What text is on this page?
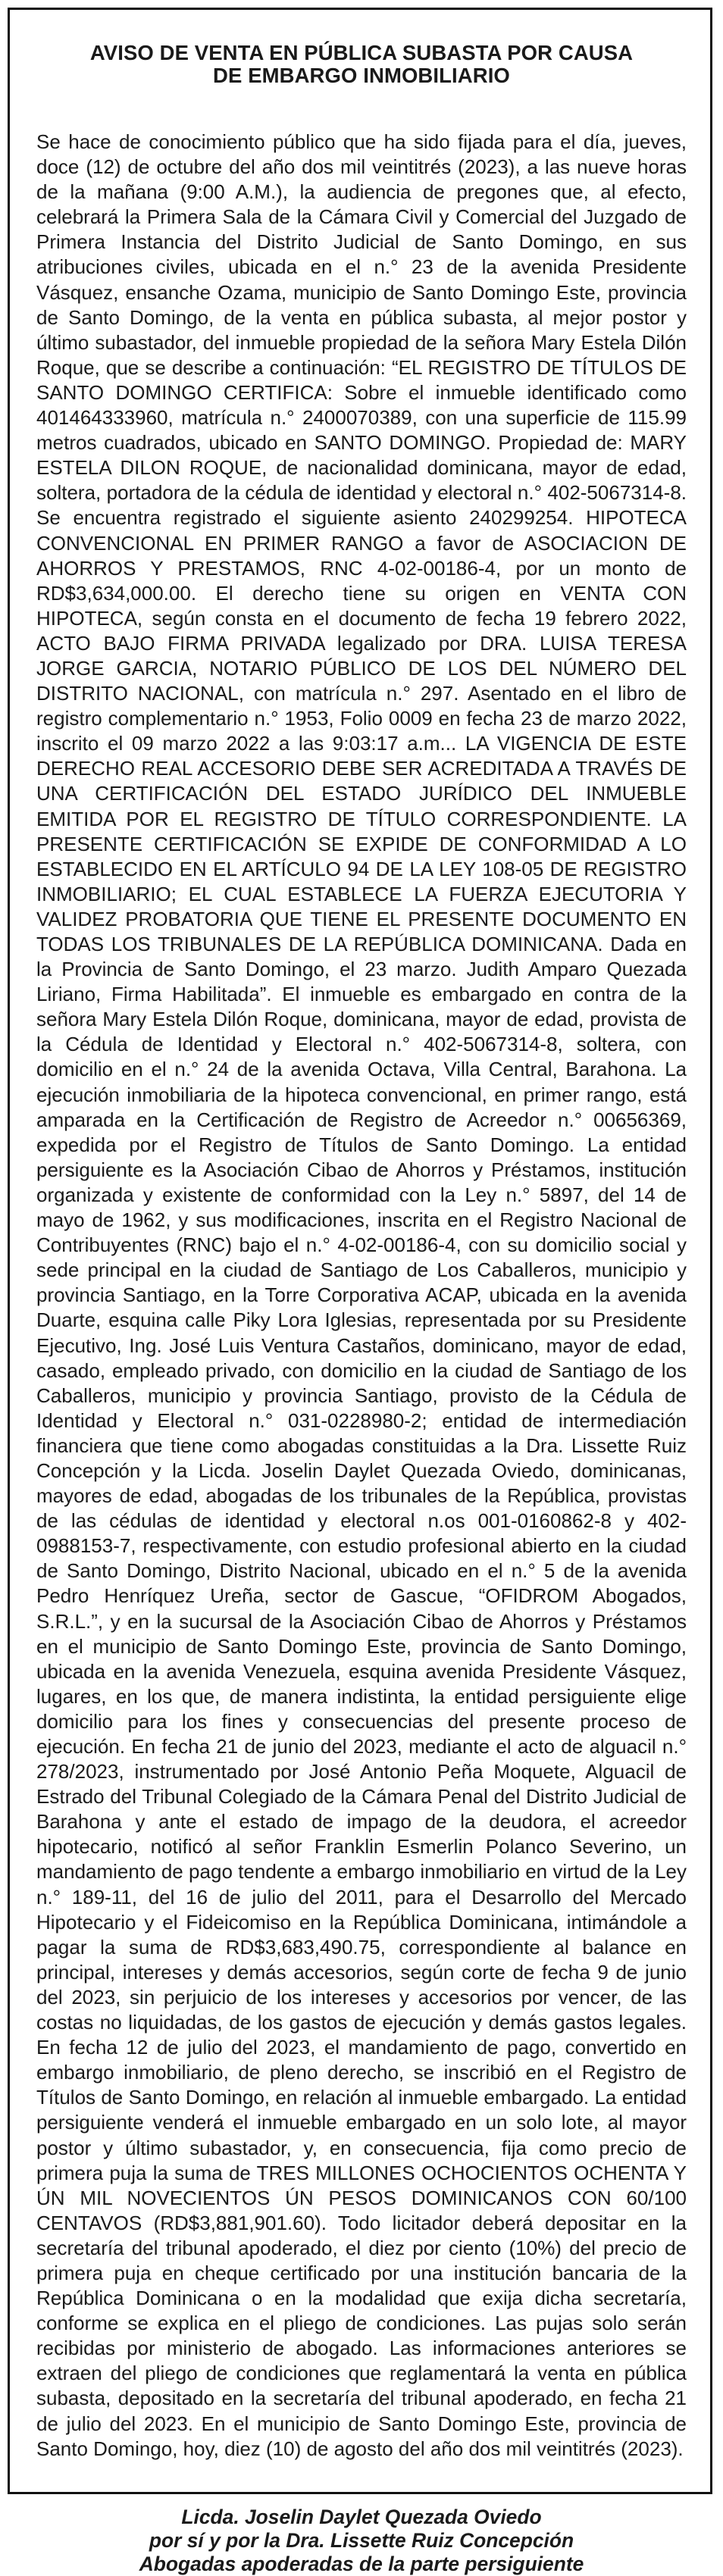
AVISO DE VENTA EN PÚBLICA SUBASTA POR CAUSA
DE EMBARGO INMOBILIARIO

Se hace de conocimiento público que ha sido fijada para el día, jueves, doce (12) de octubre del año dos mil veintitrés (2023), a las nueve horas de la mañana (9:00 A.M.), la audiencia de pregones que, al efecto, celebrará la Primera Sala de la Cámara Civil y Comercial del Juzgado de Primera Instancia del Distrito Judicial de Santo Domingo, en sus atribuciones civiles, ubicada en el n.° 23 de la avenida Presidente Vásquez, ensanche Ozama, municipio de Santo Domingo Este, provincia de Santo Domingo, de la venta en pública subasta, al mejor postor y último subastador, del inmueble propiedad de la señora Mary Estela Dilón Roque, que se describe a continuación: “EL REGISTRO DE TÍTULOS DE SANTO DOMINGO CERTIFICA: Sobre el inmueble identificado como 401464333960, matrícula n.° 2400070389, con una superficie de 115.99 metros cuadrados, ubicado en SANTO DOMINGO. Propiedad de: MARY ESTELA DILON ROQUE, de nacionalidad dominicana, mayor de edad, soltera, portadora de la cédula de identidad y electoral n.° 402-5067314-8. Se encuentra registrado el siguiente asiento 240299254. HIPOTECA CONVENCIONAL EN PRIMER RANGO a favor de ASOCIACION DE AHORROS Y PRESTAMOS, RNC 4-02-00186-4, por un monto de RD$3,634,000.00. El derecho tiene su origen en VENTA CON HIPOTECA, según consta en el documento de fecha 19 febrero 2022, ACTO BAJO FIRMA PRIVADA legalizado por DRA. LUISA TERESA JORGE GARCIA, NOTARIO PÚBLICO DE LOS DEL NÚMERO DEL DISTRITO NACIONAL, con matrícula n.° 297. Asentado en el libro de registro complementario n.° 1953, Folio 0009 en fecha 23 de marzo 2022, inscrito el 09 marzo 2022 a las 9:03:17 a.m... LA VIGENCIA DE ESTE DERECHO REAL ACCESORIO DEBE SER ACREDITADA A TRAVÉS DE UNA CERTIFICACIÓN DEL ESTADO JURÍDICO DEL INMUEBLE EMITIDA POR EL REGISTRO DE TÍTULO CORRESPONDIENTE. LA PRESENTE CERTIFICACIÓN SE EXPIDE DE CONFORMIDAD A LO ESTABLECIDO EN EL ARTÍCULO 94 DE LA LEY 108-05 DE REGISTRO INMOBILIARIO; EL CUAL ESTABLECE LA FUERZA EJECUTORIA Y VALIDEZ PROBATORIA QUE TIENE EL PRESENTE DOCUMENTO EN TODAS LOS TRIBUNALES DE LA REPÚBLICA DOMINICANA. Dada en la Provincia de Santo Domingo, el 23 marzo. Judith Amparo Quezada Liriano, Firma Habilitada”. El inmueble es embargado en contra de la señora Mary Estela Dilón Roque, dominicana, mayor de edad, provista de la Cédula de Identidad y Electoral n.° 402-5067314-8, soltera, con domicilio en el n.° 24 de la avenida Octava, Villa Central, Barahona. La ejecución inmobiliaria de la hipoteca convencional, en primer rango, está amparada en la Certificación de Registro de Acreedor n.° 00656369, expedida por el Registro de Títulos de Santo Domingo. La entidad persiguiente es la Asociación Cibao de Ahorros y Préstamos, institución organizada y existente de conformidad con la Ley n.° 5897, del 14 de mayo de 1962, y sus modificaciones, inscrita en el Registro Nacional de Contribuyentes (RNC) bajo el n.° 4-02-00186-4, con su domicilio social y sede principal en la ciudad de Santiago de Los Caballeros, municipio y provincia Santiago, en la Torre Corporativa ACAP, ubicada en la avenida Duarte, esquina calle Piky Lora Iglesias, representada por su Presidente Ejecutivo, Ing. José Luis Ventura Castaños, dominicano, mayor de edad, casado, empleado privado, con domicilio en la ciudad de Santiago de los Caballeros, municipio y provincia Santiago, provisto de la Cédula de Identidad y Electoral n.° 031-0228980-2; entidad de intermediación financiera que tiene como abogadas constituidas a la Dra. Lissette Ruiz Concepción y la Licda. Joselin Daylet Quezada Oviedo, dominicanas, mayores de edad, abogadas de los tribunales de la República, provistas de las cédulas de identidad y electoral n.os 001-0160862-8 y 402-0988153-7, respectivamente, con estudio profesional abierto en la ciudad de Santo Domingo, Distrito Nacional, ubicado en el n.° 5 de la avenida Pedro Henríquez Ureña, sector de Gascue, “OFIDROM Abogados, S.R.L.”, y en la sucursal de la Asociación Cibao de Ahorros y Préstamos en el municipio de Santo Domingo Este, provincia de Santo Domingo, ubicada en la avenida Venezuela, esquina avenida Presidente Vásquez, lugares, en los que, de manera indistinta, la entidad persiguiente elige domicilio para los fines y consecuencias del presente proceso de ejecución. En fecha 21 de junio del 2023, mediante el acto de alguacil n.° 278/2023, instrumentado por José Antonio Peña Moquete, Alguacil de Estrado del Tribunal Colegiado de la Cámara Penal del Distrito Judicial de Barahona y ante el estado de impago de la deudora, el acreedor hipotecario, notificó al señor Franklin Esmerlin Polanco Severino, un mandamiento de pago tendente a embargo inmobiliario en virtud de la Ley n.° 189-11, del 16 de julio del 2011, para el Desarrollo del Mercado Hipotecario y el Fideicomiso en la República Dominicana, intimándole a pagar la suma de RD$3,683,490.75, correspondiente al balance en principal, intereses y demás accesorios, según corte de fecha 9 de junio del 2023, sin perjuicio de los intereses y accesorios por vencer, de las costas no liquidadas, de los gastos de ejecución y demás gastos legales. En fecha 12 de julio del 2023, el mandamiento de pago, convertido en embargo inmobiliario, de pleno derecho, se inscribió en el Registro de Títulos de Santo Domingo, en relación al inmueble embargado. La entidad persiguiente venderá el inmueble embargado en un solo lote, al mayor postor y último subastador, y, en consecuencia, fija como precio de primera puja la suma de TRES MILLONES OCHOCIENTOS OCHENTA Y ÚN MIL NOVECIENTOS ÚN PESOS DOMINICANOS CON 60/100 CENTAVOS (RD$3,881,901.60). Todo licitador deberá depositar en la secretaría del tribunal apoderado, el diez por ciento (10%) del precio de primera puja en cheque certificado por una institución bancaria de la República Dominicana o en la modalidad que exija dicha secretaría, conforme se explica en el pliego de condiciones. Las pujas solo serán recibidas por ministerio de abogado. Las informaciones anteriores se extraen del pliego de condiciones que reglamentará la venta en pública subasta, depositado en la secretaría del tribunal apoderado, en fecha 21 de julio del 2023. En el municipio de Santo Domingo Este, provincia de Santo Domingo, hoy, diez (10) de agosto del año dos mil veintitrés (2023).

Licda. Joselin Daylet Quezada Oviedo
por sí y por la Dra. Lissette Ruiz Concepción
Abogadas apoderadas de la parte persiguiente
